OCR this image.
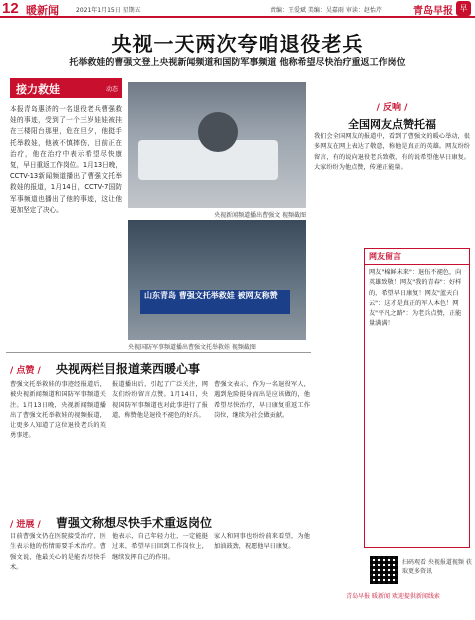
12 暖新闻	2021年1月15日 星期五	责编：王爱斌 美编：吴嘉雨 审读：赵怡芹	青岛早报 早
央视一天两次夸咱退役老兵
托举救娃的曹强文登上央视新闻频道和国防军事频道 他称希望尽快治疗重返工作岗位
接力救娃	动态
本报青岛惠济的一名退役老兵曹强救娃的事迹，受到了一个三岁娃娃被挂在三楼阳台那里，危在旦夕，他挺手托举救娃，他被不慎摔伤，目前正在治疗，他在治疗中表示希望尽快康复，早日重返工作岗位。1月13日晚，CCTV-13新闻频道播出了曹强文托举救娃的报道，1月14日，CCTV-7国防军事频道也播出了他的事迹，这让他更加坚定了决心。
央视新闻频道播出曹强文 视频截图
山东青岛 曹强文托举救娃 被网友称赞
央视国防军事频道播出曹强文托举救娃 视频截图
/ 反响 /
全国网友点赞托福
我们会全国网友的报道中，看到了曹强文的暖心举动，很多网友在网上表达了敬意，称他是真正的英雄。网友纷纷留言，有的说向退役老兵致敬，有的说希望他早日康复。大家纷纷为他点赞，传递正能量。
/ 点赞 / 央视两栏目报道莱西暖心事
曹强文托举救娃的事迹经报道后，被央视新闻频道和国防军事频道关注。1月13日晚，央视新闻频道播出了曹强文托举救娃的视频报道，让更多人知道了这位退役老兵的英勇事迹。
报道播出后，引起了广泛关注，网友们纷纷留言点赞。1月14日，央视国防军事频道也对此事进行了报道，称赞他是退役不褪色的好兵。
曹强文表示，作为一名退役军人，遇到危险挺身而出是应该做的，他希望尽快治疗，早日康复重返工作岗位，继续为社会做贡献。
/ 进展 / 曹强文称想尽快手术重返岗位
目前曹强文仍在医院接受治疗，医生表示他的伤情需要手术治疗。曹强文说，他最关心的是能否尽快手术。
他表示，自己年轻力壮，一定能挺过来，希望早日回到工作岗位上，继续发挥自己的作用。
家人和同事也纷纷前来看望，为他加油鼓劲，祝愿他早日康复。
网友留言
网友"棉鲜未来"：退伍不褪色，向英雄致敬！网友"我的青春"：好样的，希望早日康复！网友"蓝天白云"：这才是真正的军人本色！网友"平凡之路"：为老兵点赞，正能量满满！
扫码观看 央视报道视频 获取更多资讯
青岛早报 暖新闻 欢迎提供新闻线索
